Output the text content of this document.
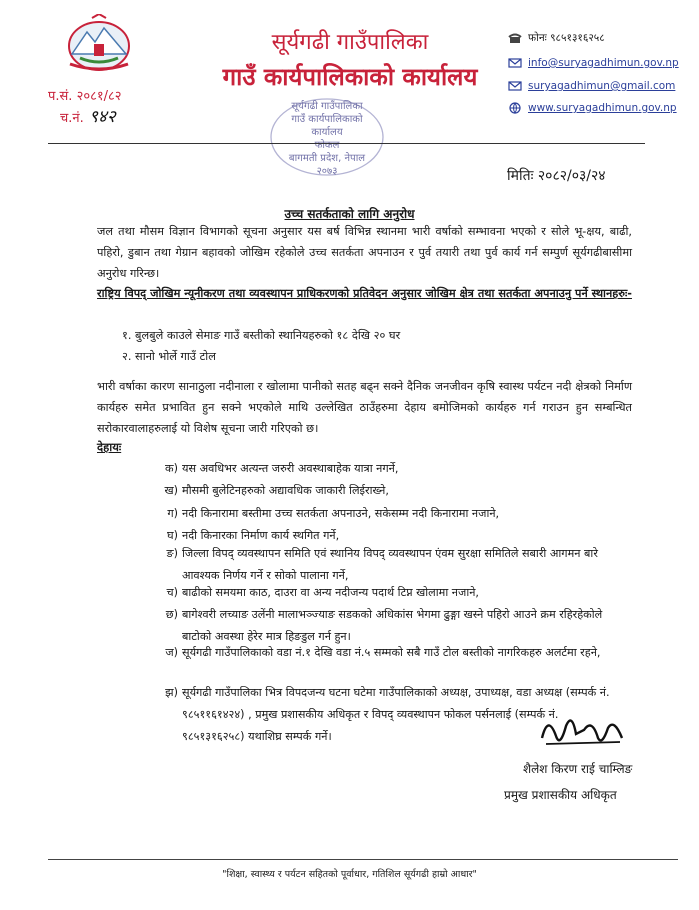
सूर्यगढी गाउँपालिका
गाउँ कार्यपालिकाको कार्यालय
फोनः ९८५१३१६२५८
info@suryagadhimun.gov.np
suryagadhimun@gmail.com
www.suryagadhimun.gov.np
प.सं. २०८१/८२
च.नं. ९४२
सूर्यगढी गाउँपालिका
गाउँ कार्यपालिकाको
कार्यालय
फोकल
बागमती प्रदेश, नेपाल
२०७३	मितिः २०८२/०३/२४
उच्च सतर्कताको लागि अनुरोध
जल तथा मौसम विज्ञान विभागको सूचना अनुसार यस बर्ष विभिन्न स्थानमा भारी वर्षाको सम्भावना भएको र सोले भू-क्षय, बाढी, पहिरो, डुबान तथा गेग्रान बहावको जोखिम रहेकोले उच्च सतर्कता अपनाउन र पुर्व तयारी तथा पुर्व कार्य गर्न सम्पुर्ण सूर्यगढीबासीमा अनुरोध गरिन्छ।
राष्ट्रिय विपद् जोखिम न्यूनीकरण तथा व्यवस्थापन प्राधिकरणको प्रतिवेदन अनुसार जोखिम क्षेत्र तथा सतर्कता अपनाउनु पर्ने स्थानहरुः-
१. बुलबुले काउले सेमाङ गाउँ बस्तीको स्थानियहरुको १८ देखि २० घर
२. सानो भोर्ले गाउँ टोल
भारी वर्षाका कारण सानाठुला नदीनाला र खोलामा पानीको सतह बढ्न सक्ने दैनिक जनजीवन कृषि स्वास्थ पर्यटन नदी क्षेत्रको निर्माण कार्यहरु समेत प्रभावित हुन सक्ने भएकोले माथि उल्लेखित ठाउँहरुमा देहाय बमोजिमको कार्यहरु गर्न गराउन हुन सम्बन्धित सरोकारवालाहरुलाई यो विशेष सूचना जारी गरिएको छ।
देहायः
क) यस अवधिभर अत्यन्त जरुरी अवस्थाबाहेक यात्रा नगर्ने,
ख) मौसमी बुलेटिनहरुको अद्यावधिक जाकारी लिईराख्ने,
ग) नदी किनारामा बस्तीमा उच्च सतर्कता अपनाउने, सकेसम्म नदी किनारामा नजाने,
घ) नदी किनारका निर्माण कार्य स्थगित गर्ने,
ङ) जिल्ला विपद् व्यवस्थापन समिति एवं स्थानिय विपद् व्यवस्थापन एंवम सुरक्षा समितिले सबारी आगमन बारे आवश्यक निर्णय गर्ने र सोको पालाना गर्ने,
च) बाढीको समयमा काठ, दाउरा वा अन्य नदीजन्य पदार्थ टिप्न खोलामा नजाने,
छ) बागेश्वरी लच्याङ उलेंनी मालाभञ्ज्याङ सडकको अधिकांस भेगमा ढुङ्गा खस्ने पहिरो आउने क्रम रहिरहेकोले बाटोको अवस्था हेरेर मात्र हिङडुल गर्न हुन।
ज) सूर्यगढी गाउँपालिकाको वडा नं.१ देखि वडा नं.५ सम्मको सबै गाउँ टोल बस्तीको नागरिकहरु अलर्टमा रहने,
झ) सूर्यगढी गाउँपालिका भित्र विपदजन्य घटना घटेमा गाउँपालिकाको अध्यक्ष, उपाध्यक्ष, वडा अध्यक्ष (सम्पर्क नं. ९८५११६१४२४) , प्रमुख प्रशासकीय अधिकृत र विपद् व्यवस्थापन फोकल पर्सनलाई (सम्पर्क नं. ९८५१३१६२५८) यथाशिघ्र सम्पर्क गर्ने।
शैलेश किरण राई चाम्लिङ
प्रमुख प्रशासकीय अधिकृत
"शिक्षा, स्वास्थ्य र पर्यटन सहितको पूर्वाधार, गतिशिल सूर्यगढी हाम्रो आधार"
